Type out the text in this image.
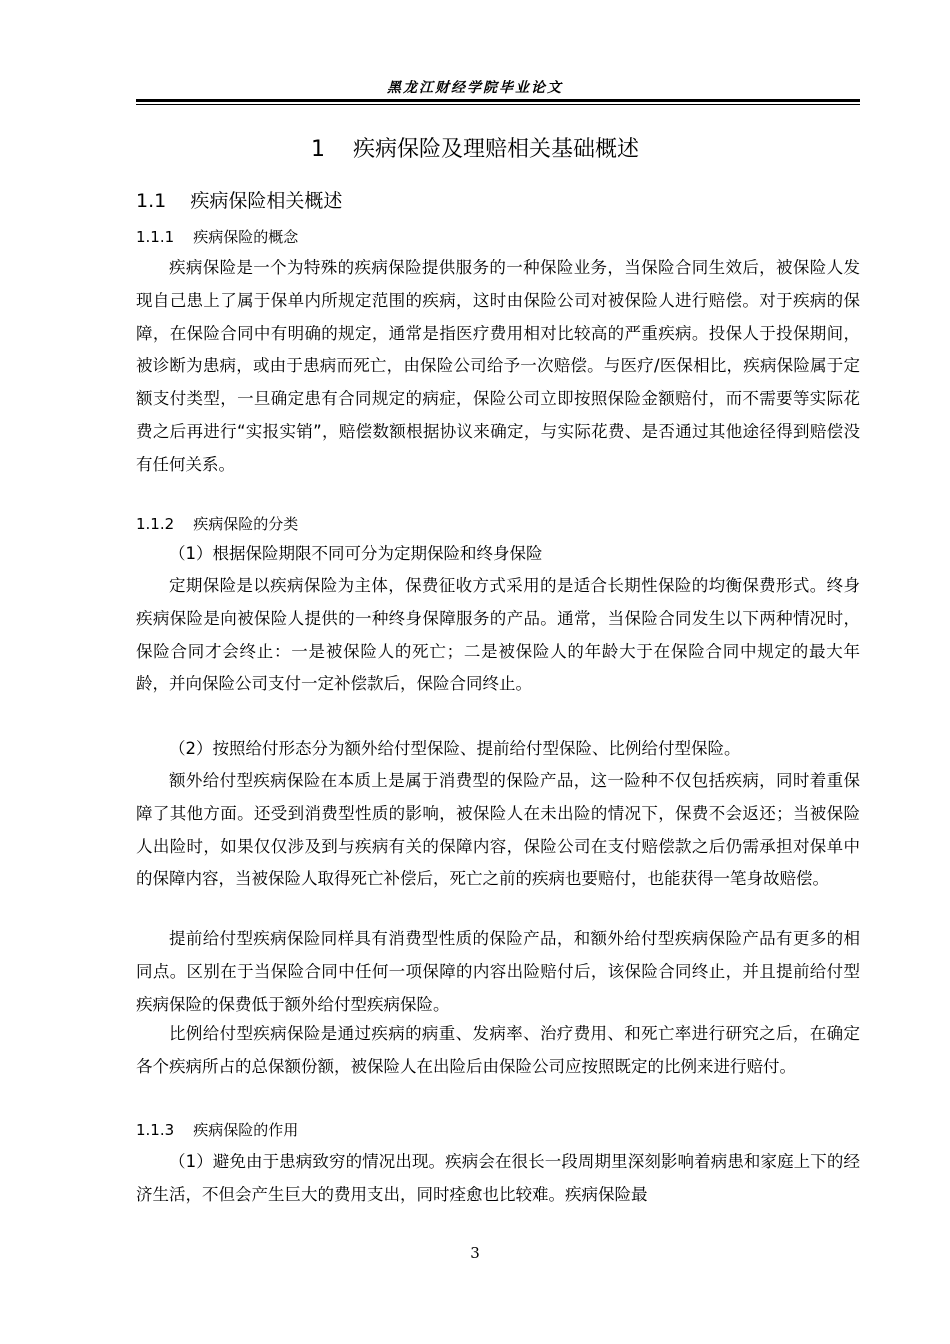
黑龙江财经学院毕业论文
1    疾病保险及理赔相关基础概述
1.1    疾病保险相关概述
1.1.1    疾病保险的概念

疾病保险是一个为特殊的疾病保险提供服务的一种保险业务，当保险合同生效后，被保险人发现自己患上了属于保单内所规定范围的疾病，这时由保险公司对被保险人进行赔偿。对于疾病的保障，在保险合同中有明确的规定，通常是指医疗费用相对比较高的严重疾病。投保人于投保期间，被诊断为患病，或由于患病而死亡，由保险公司给予一次赔偿。与医疗/医保相比，疾病保险属于定额支付类型，一旦确定患有合同规定的病症，保险公司立即按照保险金额赔付，而不需要等实际花费之后再进行“实报实销”，赔偿数额根据协议来确定，与实际花费、是否通过其他途径得到赔偿没有任何关系。

1.1.2    疾病保险的分类

（1）根据保险期限不同可分为定期保险和终身保险

定期保险是以疾病保险为主体，保费征收方式采用的是适合长期性保险的均衡保费形式。终身疾病保险是向被保险人提供的一种终身保障服务的产品。通常，当保险合同发生以下两种情况时，保险合同才会终止：一是被保险人的死亡；二是被保险人的年龄大于在保险合同中规定的最大年龄，并向保险公司支付一定补偿款后，保险合同终止。

（2）按照给付形态分为额外给付型保险、提前给付型保险、比例给付型保险。

额外给付型疾病保险在本质上是属于消费型的保险产品，这一险种不仅包括疾病，同时着重保障了其他方面。还受到消费型性质的影响，被保险人在未出险的情况下，保费不会返还；当被保险人出险时，如果仅仅涉及到与疾病有关的保障内容，保险公司在支付赔偿款之后仍需承担对保单中的保障内容，当被保险人取得死亡补偿后，死亡之前的疾病也要赔付，也能获得一笔身故赔偿。

提前给付型疾病保险同样具有消费型性质的保险产品，和额外给付型疾病保险产品有更多的相同点。区别在于当保险合同中任何一项保障的内容出险赔付后，该保险合同终止，并且提前给付型疾病保险的保费低于额外给付型疾病保险。

比例给付型疾病保险是通过疾病的病重、发病率、治疗费用、和死亡率进行研究之后，在确定各个疾病所占的总保额份额，被保险人在出险后由保险公司应按照既定的比例来进行赔付。

1.1.3    疾病保险的作用

（1）避免由于患病致穷的情况出现。疾病会在很长一段周期里深刻影响着病患和家庭上下的经济生活，不但会产生巨大的费用支出，同时痊愈也比较难。疾病保险最

3
